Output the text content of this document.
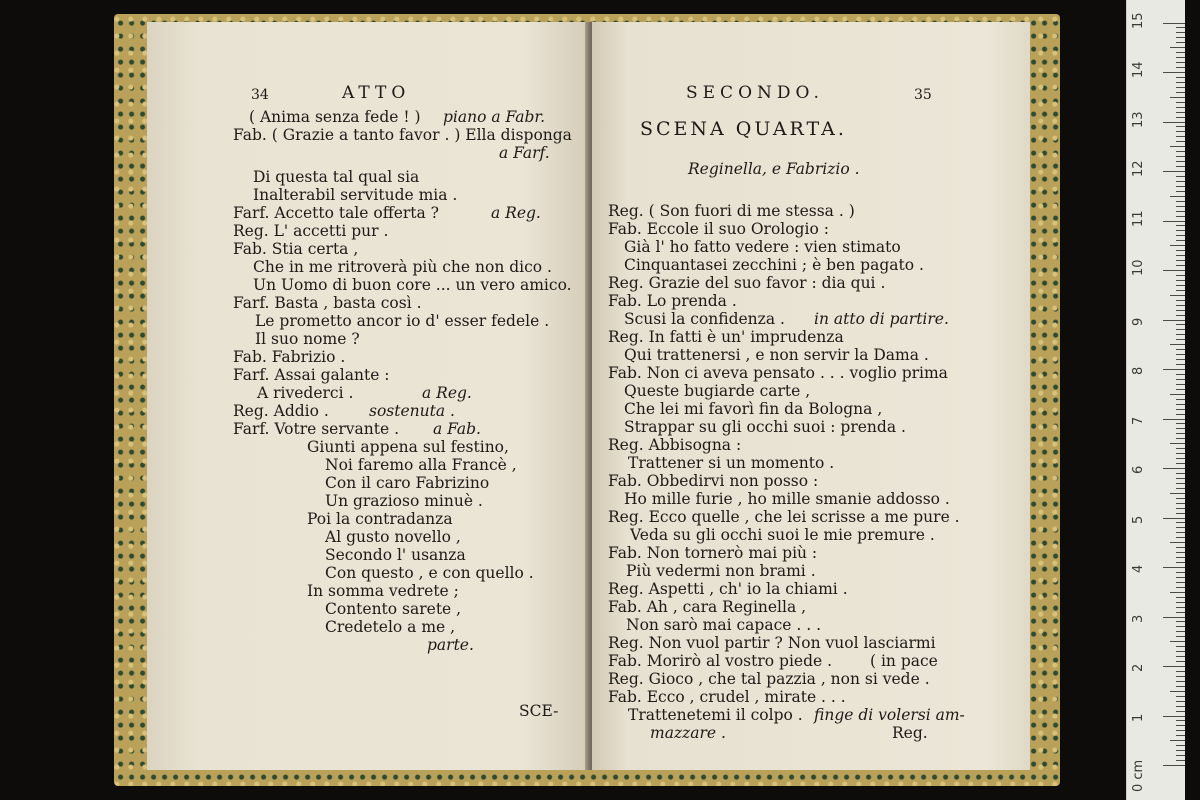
34	ATTO
( Anima senza fede ! ) piano a Fabr.
Fab. ( Grazie a tanto favor . ) Ella disponga
a Farf.
Di questa tal qual sia
Inalterabil servitude mia .
Farf. Accetto tale offerta ?	a Reg.
Reg. L' accetti pur .
Fab. Stia certa ,
Che in me ritroverà più che non dico .
Un Uomo di buon core ... un vero amico.
Farf. Basta , basta così .
Le prometto ancor io d' esser fedele .
Il suo nome ?
Fab. Fabrizio .
Farf. Assai galante :
A rivederci .	a Reg.
Reg. Addio .	sostenuta .
Farf. Votre servante . a Fab.
Giunti appena sul festino,
Noi faremo alla Francè ,
Con il caro Fabrizino
Un grazioso minuè .
Poi la contradanza
Al gusto novello ,
Secondo l' usanza
Con questo , e con quello .
In somma vedrete ;
Contento sarete ,
Credetelo a me ,
parte.
SCE-
SECONDO.	35
SCENA QUARTA.
Reginella, e Fabrizio .
Reg. ( Son fuori di me stessa . )
Fab. Eccole il suo Orologio :
Già l' ho fatto vedere : vien stimato
Cinquantasei zecchini ; è ben pagato .
Reg. Grazie del suo favor : dia qui .
Fab. Lo prenda .
Scusi la confidenza . in atto di partire.
Reg. In fatti è un' imprudenza
Qui trattenersi , e non servir la Dama .
Fab. Non ci aveva pensato . . . voglio prima
Queste bugiarde carte ,
Che lei mi favorì fin da Bologna ,
Strappar su gli occhi suoi : prenda .
Reg. Abbisogna :
Trattener si un momento .
Fab. Obbedirvi non posso :
Ho mille furie , ho mille smanie addosso .
Reg. Ecco quelle , che lei scrisse a me pure .
Veda su gli occhi suoi le mie premure .
Fab. Non tornerò mai più :
Più vedermi non brami .
Reg. Aspetti , ch' io la chiami .
Fab. Ah , cara Reginella ,
Non sarò mai capace . . .
Reg. Non vuol partir ? Non vuol lasciarmi
Fab. Morirò al vostro piede . ( in pace
Reg. Gioco , che tal pazzia , non si vede .
Fab. Ecco , crudel , mirate . . .
Trattenetemi il colpo . finge di volersi am-
mazzare .	Reg.
0 cm
1
2
3
4
5
6
7
8
9
10
11
12
13
14
15
